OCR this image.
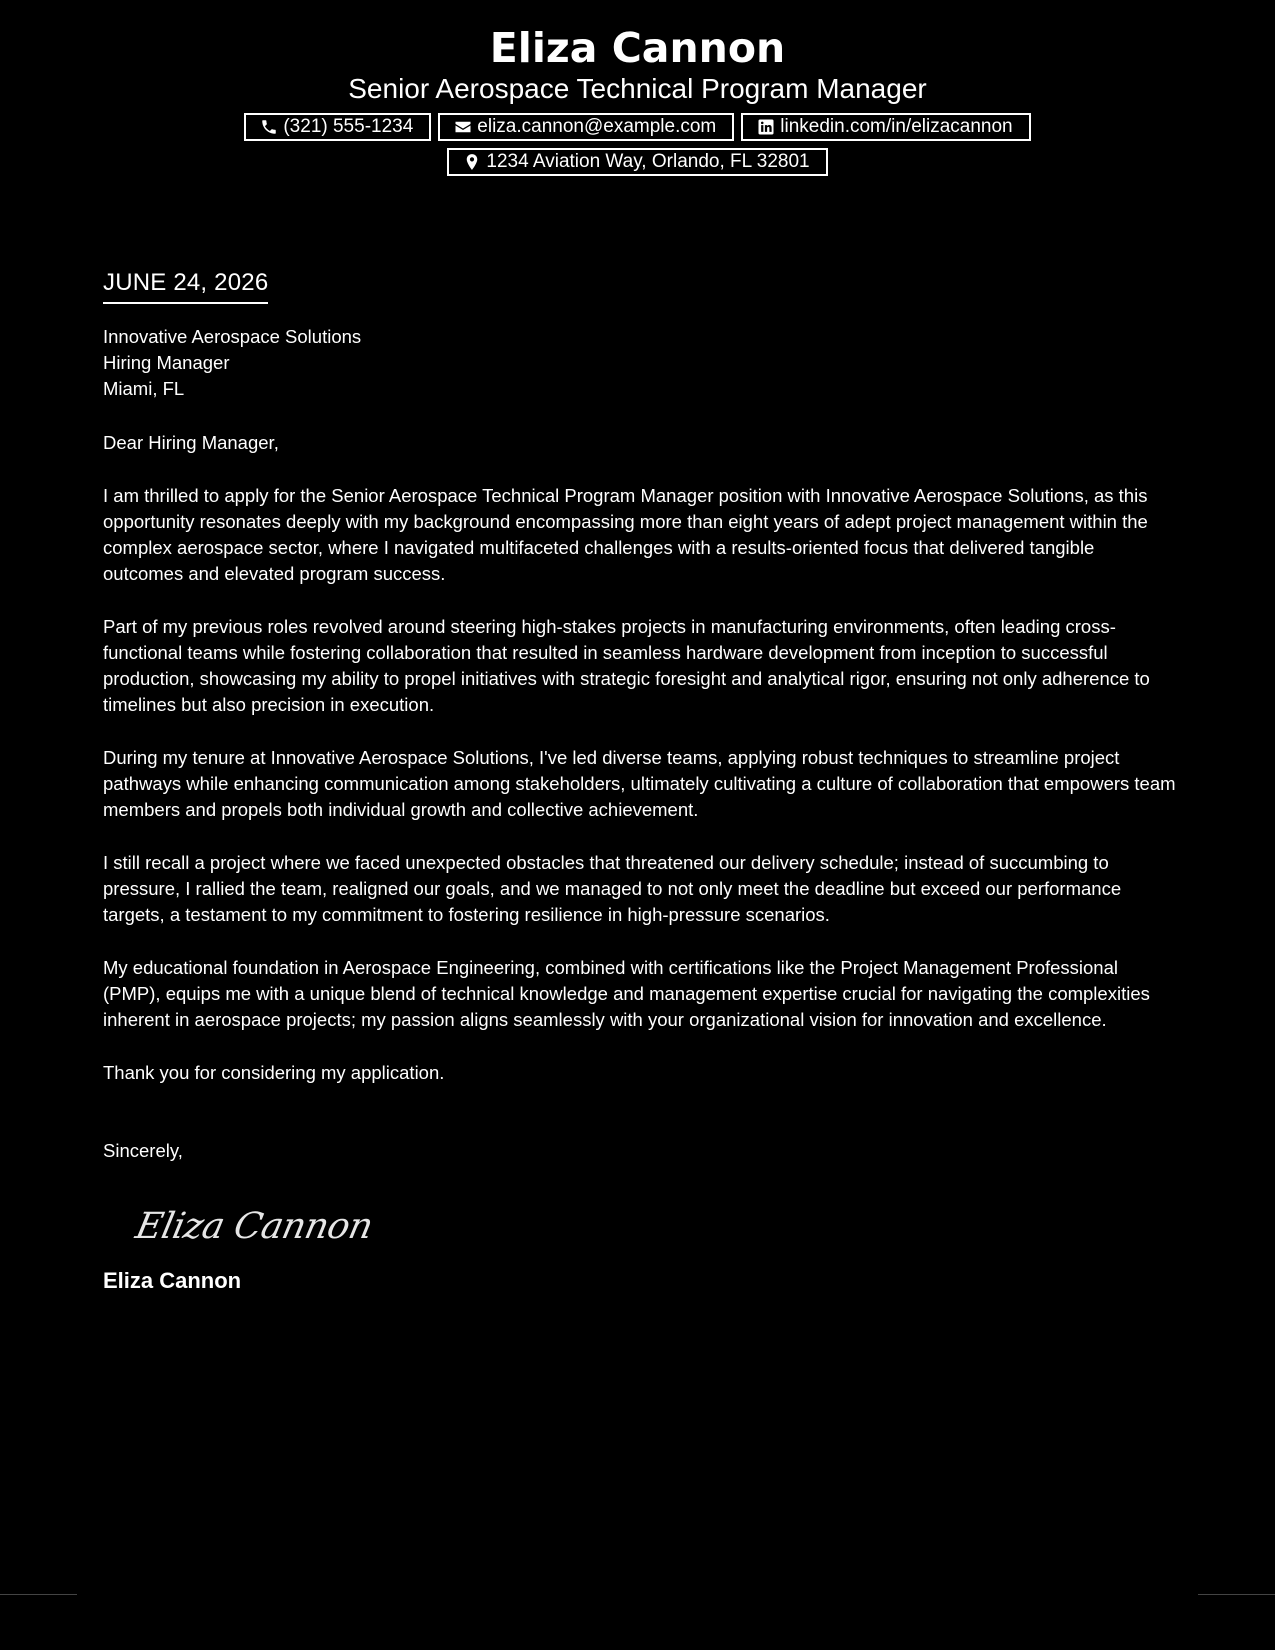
Eliza Cannon
Senior Aerospace Technical Program Manager
(321) 555-1234	eliza.cannon@example.com	linkedin.com/in/elizacannon
1234 Aviation Way, Orlando, FL 32801
JUNE 24, 2026
Innovative Aerospace Solutions
Hiring Manager
Miami, FL
Dear Hiring Manager,
I am thrilled to apply for the Senior Aerospace Technical Program Manager position with Innovative Aerospace Solutions, as this opportunity resonates deeply with my background encompassing more than eight years of adept project management within the complex aerospace sector, where I navigated multifaceted challenges with a results-oriented focus that delivered tangible outcomes and elevated program success.
Part of my previous roles revolved around steering high-stakes projects in manufacturing environments, often leading cross-functional teams while fostering collaboration that resulted in seamless hardware development from inception to successful production, showcasing my ability to propel initiatives with strategic foresight and analytical rigor, ensuring not only adherence to timelines but also precision in execution.
During my tenure at Innovative Aerospace Solutions, I've led diverse teams, applying robust techniques to streamline project pathways while enhancing communication among stakeholders, ultimately cultivating a culture of collaboration that empowers team members and propels both individual growth and collective achievement.
I still recall a project where we faced unexpected obstacles that threatened our delivery schedule; instead of succumbing to pressure, I rallied the team, realigned our goals, and we managed to not only meet the deadline but exceed our performance targets, a testament to my commitment to fostering resilience in high-pressure scenarios.
My educational foundation in Aerospace Engineering, combined with certifications like the Project Management Professional (PMP), equips me with a unique blend of technical knowledge and management expertise crucial for navigating the complexities inherent in aerospace projects; my passion aligns seamlessly with your organizational vision for innovation and excellence.
Thank you for considering my application.
Sincerely,
Eliza Cannon
Eliza Cannon
